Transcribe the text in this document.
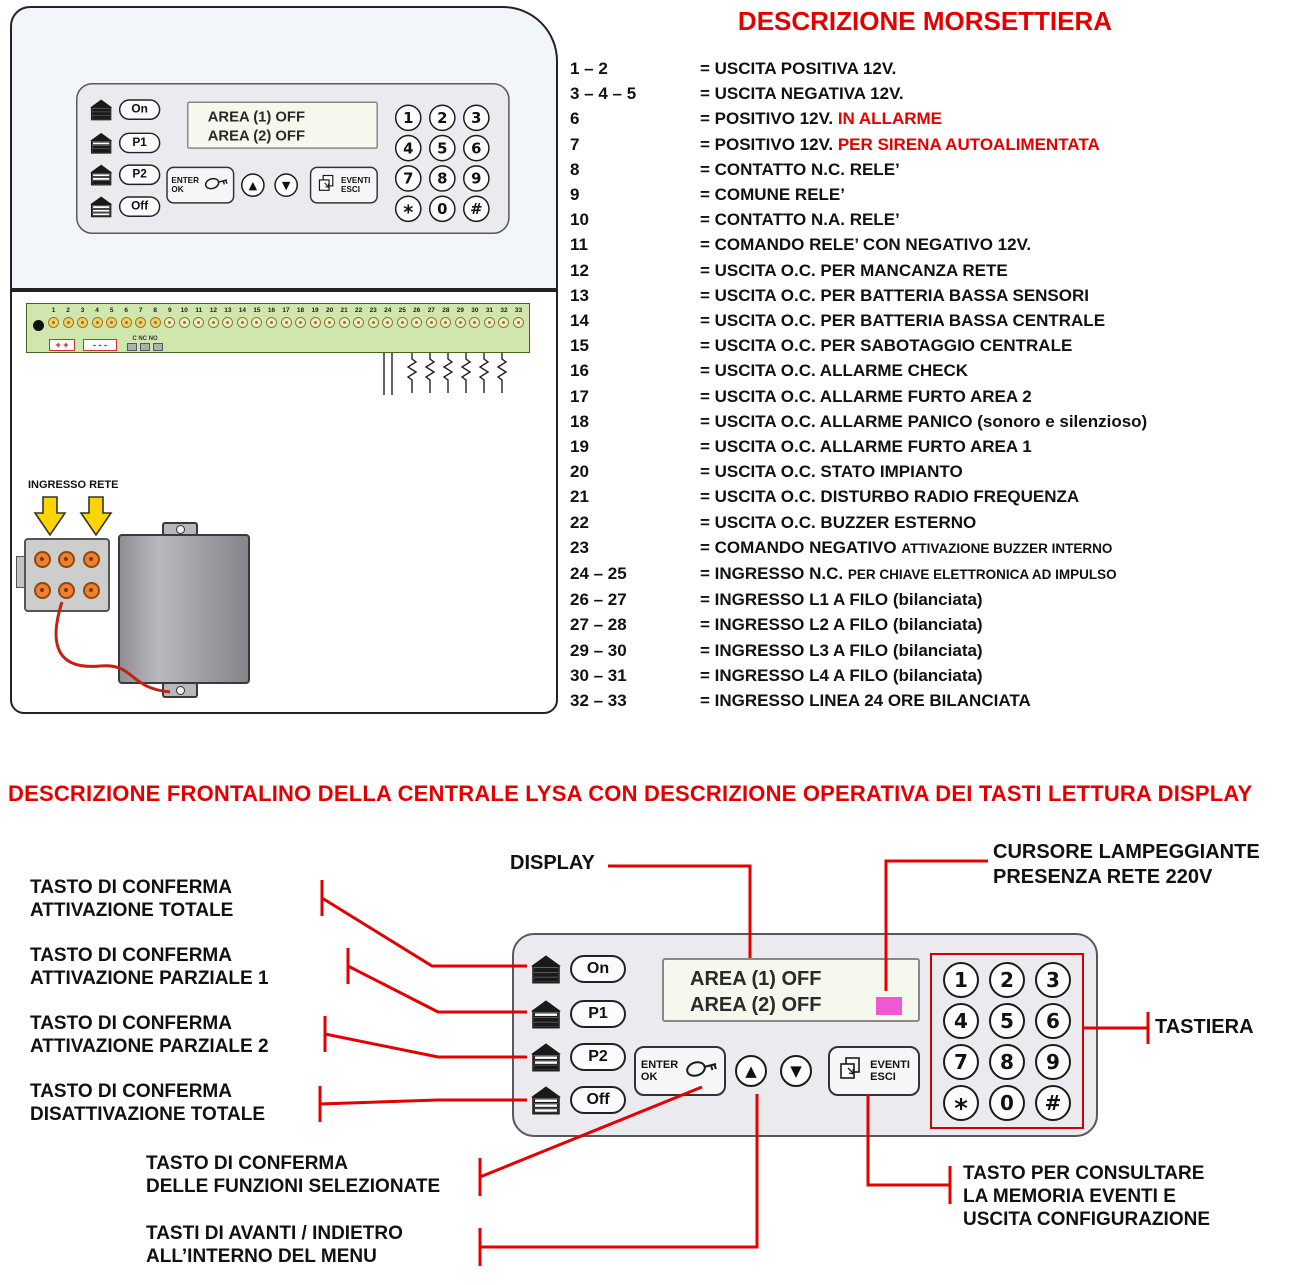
On
P1
P2
Off
AREA (1) OFF
AREA (2) OFF
ENTER
OK	▲	▼	EVENTI
ESCI
1	2	3
4	5	6
7	8	9
*	0	#
1	2	3	4	5	6	7	8	9	10	11	12	13	14	15	16	17	18	19	20	21	22	23	24	25	26	27	28	29	30	31	32	33
+ +	- - -
C NC NO
INGRESSO RETE
DESCRIZIONE MORSETTIERA
1 – 2	= USCITA POSITIVA 12V.
3 – 4 – 5	= USCITA NEGATIVA 12V.
6	= POSITIVO 12V. IN ALLARME
7	= POSITIVO 12V. PER SIRENA AUTOALIMENTATA
8	= CONTATTO N.C. RELE’
9	= COMUNE RELE’
10	= CONTATTO N.A. RELE’
11	= COMANDO RELE’ CON NEGATIVO 12V.
12	= USCITA O.C. PER MANCANZA RETE
13	= USCITA O.C. PER BATTERIA BASSA SENSORI
14	= USCITA O.C. PER BATTERIA BASSA CENTRALE
15	= USCITA O.C. PER SABOTAGGIO CENTRALE
16	= USCITA O.C. ALLARME CHECK
17	= USCITA O.C. ALLARME FURTO AREA 2
18	= USCITA O.C. ALLARME PANICO (sonoro e silenzioso)
19	= USCITA O.C. ALLARME FURTO AREA 1
20	= USCITA O.C. STATO IMPIANTO
21	= USCITA O.C. DISTURBO RADIO FREQUENZA
22	= USCITA O.C. BUZZER ESTERNO
23	= COMANDO NEGATIVO ATTIVAZIONE BUZZER INTERNO
24 – 25	= INGRESSO N.C. PER CHIAVE ELETTRONICA AD IMPULSO
26 – 27	= INGRESSO L1 A FILO (bilanciata)
27 – 28	= INGRESSO L2 A FILO (bilanciata)
29 – 30	= INGRESSO L3 A FILO (bilanciata)
30 – 31	= INGRESSO L4 A FILO (bilanciata)
32 – 33	= INGRESSO LINEA 24 ORE BILANCIATA
DESCRIZIONE FRONTALINO DELLA CENTRALE LYSA CON DESCRIZIONE OPERATIVA DEI TASTI LETTURA DISPLAY
On
P1
P2
Off
AREA (1) OFF
AREA (2) OFF
ENTER
OK	▲	▼	EVENTI
ESCI
1	2	3
4	5	6
7	8	9
*	0	#
TASTO DI CONFERMA
ATTIVAZIONE TOTALE
TASTO DI CONFERMA
ATTIVAZIONE PARZIALE 1
TASTO DI CONFERMA
ATTIVAZIONE PARZIALE 2
TASTO DI CONFERMA
DISATTIVAZIONE TOTALE
DISPLAY	CURSORE LAMPEGGIANTE
PRESENZA RETE 220V
TASTIERA
TASTO DI CONFERMA
DELLE FUNZIONI SELEZIONATE
TASTI DI AVANTI / INDIETRO
ALL’INTERNO DEL MENU
TASTO PER CONSULTARE
LA MEMORIA EVENTI E
USCITA CONFIGURAZIONE
